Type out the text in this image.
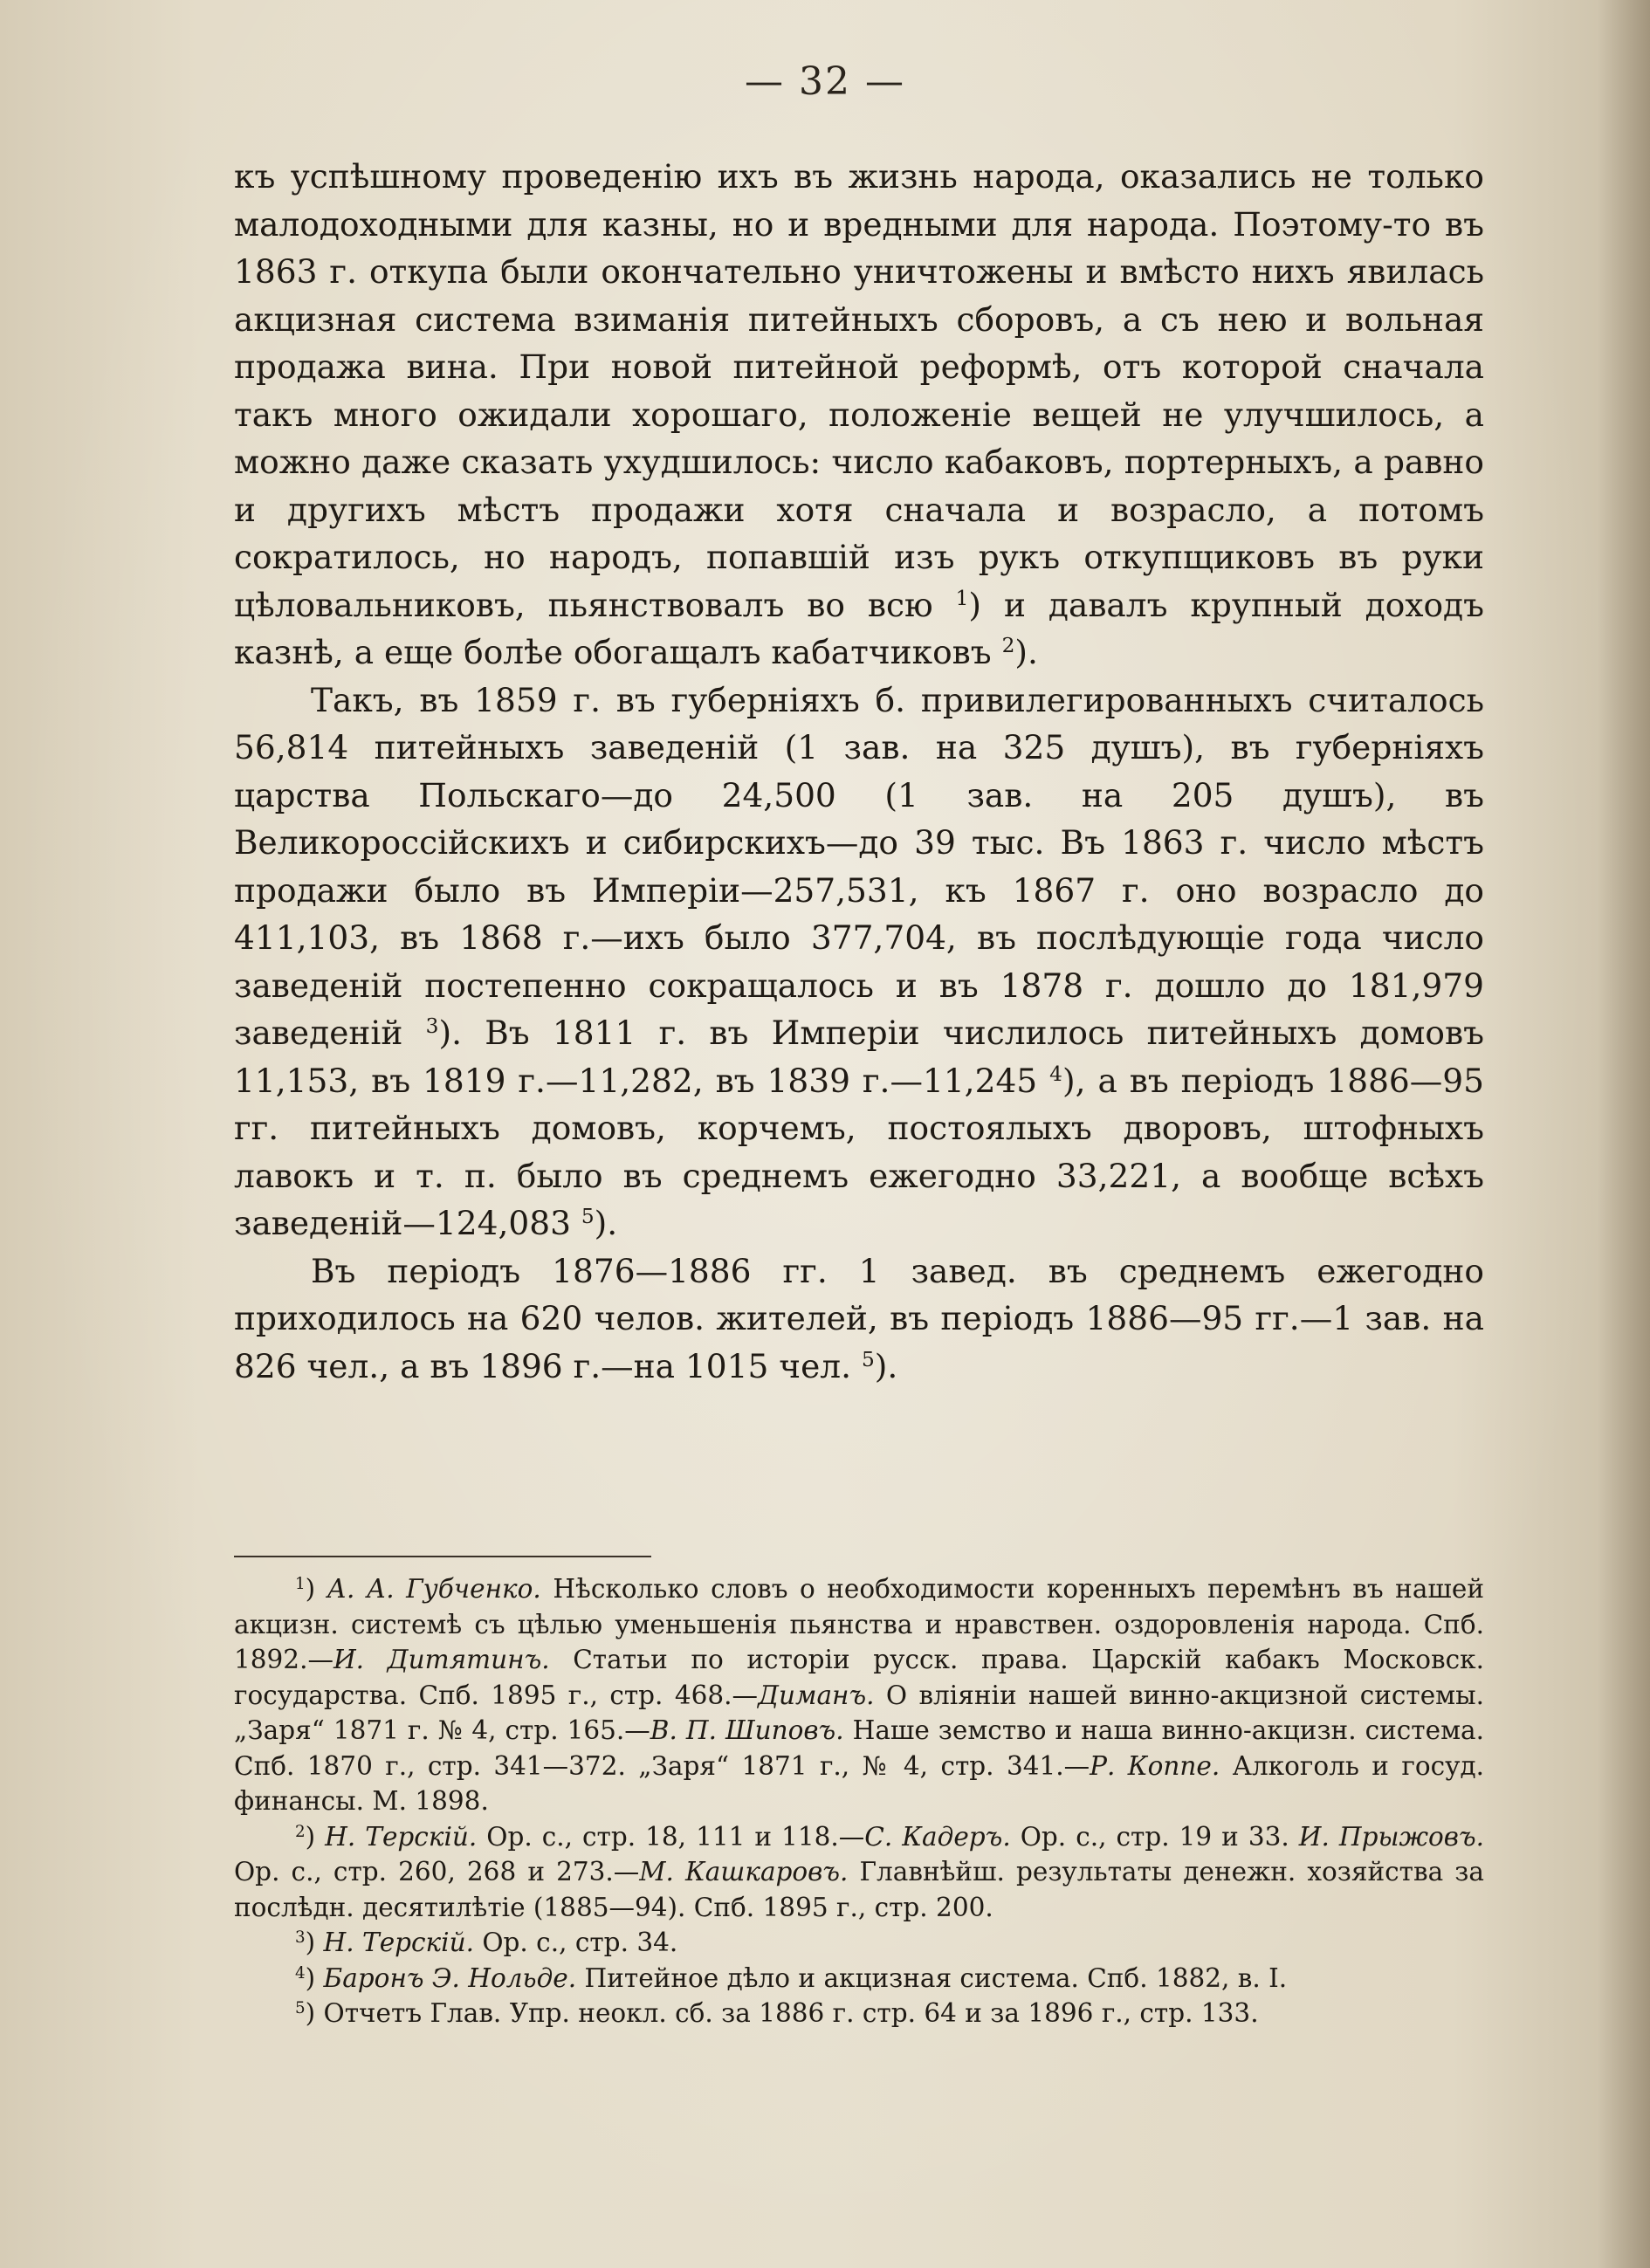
— 32 —

къ успѣшному проведенію ихъ въ жизнь народа, оказались не только малодоходными для казны, но и вредными для народа. Поэтому-то въ 1863 г. откупа были окончательно уничтожены и вмѣсто нихъ явилась акцизная система взиманія питейныхъ сборовъ, а съ нею и вольная продажа вина. При новой питейной реформѣ, отъ которой сначала такъ много ожидали хорошаго, положеніе вещей не улучшилось, а можно даже сказать ухудшилось: число кабаковъ, портерныхъ, а равно и другихъ мѣстъ продажи хотя сначала и возрасло, а потомъ сократилось, но народъ, попавшій изъ рукъ откупщиковъ въ руки цѣловальниковъ, пьянствовалъ во всю $^1$) и давалъ крупный доходъ казнѣ, а еще болѣе обогащалъ кабатчиковъ $^2$).

Такъ, въ 1859 г. въ губерніяхъ б. привилегированныхъ считалось 56,814 питейныхъ заведеній (1 зав. на 325 душъ), въ губерніяхъ царства Польскаго—до 24,500 (1 зав. на 205 душъ), въ Великороссійскихъ и сибирскихъ—до 39 тыс. Въ 1863 г. число мѣстъ продажи было въ Имперіи—257,531, къ 1867 г. оно возрасло до 411,103, въ 1868 г.—ихъ было 377,704, въ послѣдующіе года число заведеній постепенно сокращалось и въ 1878 г. дошло до 181,979 заведеній $^3$). Въ 1811 г. въ Имперіи числилось питейныхъ домовъ 11,153, въ 1819 г.—11,282, въ 1839 г.—11,245 $^4$), а въ періодъ 1886—95 гг. питейныхъ домовъ, корчемъ, постоялыхъ дворовъ, штофныхъ лавокъ и т. п. было въ среднемъ ежегодно 33,221, а вообще всѣхъ заведеній—124,083 $^5$).

Въ періодъ 1876—1886 гг. 1 завед. въ среднемъ ежегодно приходилось на 620 челов. жителей, въ періодъ 1886—95 гг.—1 зав. на 826 чел., а въ 1896 г.—на 1015 чел. $^5$).

$^1$) А. А. Губченко. Нѣсколько словъ о необходимости коренныхъ перемѣнъ въ нашей акцизн. системѣ съ цѣлью уменьшенія пьянства и нравствен. оздоровленія народа. Спб. 1892.—И. Дитятинъ. Статьи по исторіи русск. права. Царскій кабакъ Московск. государства. Спб. 1895 г., стр. 468.—Диманъ. О вліяніи нашей винно-акцизной системы. „Заря“ 1871 г. № 4, стр. 165.—В. П. Шиповъ. Наше земство и наша винно-акцизн. система. Спб. 1870 г., стр. 341—372. „Заря“ 1871 г., № 4, стр. 341.—Р. Коппе. Алкоголь и госуд. финансы. М. 1898.

$^2$) Н. Терскій. Ор. с., стр. 18, 111 и 118.—С. Кадеръ. Ор. с., стр. 19 и 33. И. Прыжовъ. Ор. с., стр. 260, 268 и 273.—М. Кашкаровъ. Главнѣйш. результаты денежн. хозяйства за послѣдн. десятилѣтіе (1885—94). Спб. 1895 г., стр. 200.

$^3$) Н. Терскій. Ор. с., стр. 34.

$^4$) Баронъ Э. Нольде. Питейное дѣло и акцизная система. Спб. 1882, в. I.

$^5$) Отчетъ Глав. Упр. неокл. сб. за 1886 г. стр. 64 и за 1896 г., стр. 133.
